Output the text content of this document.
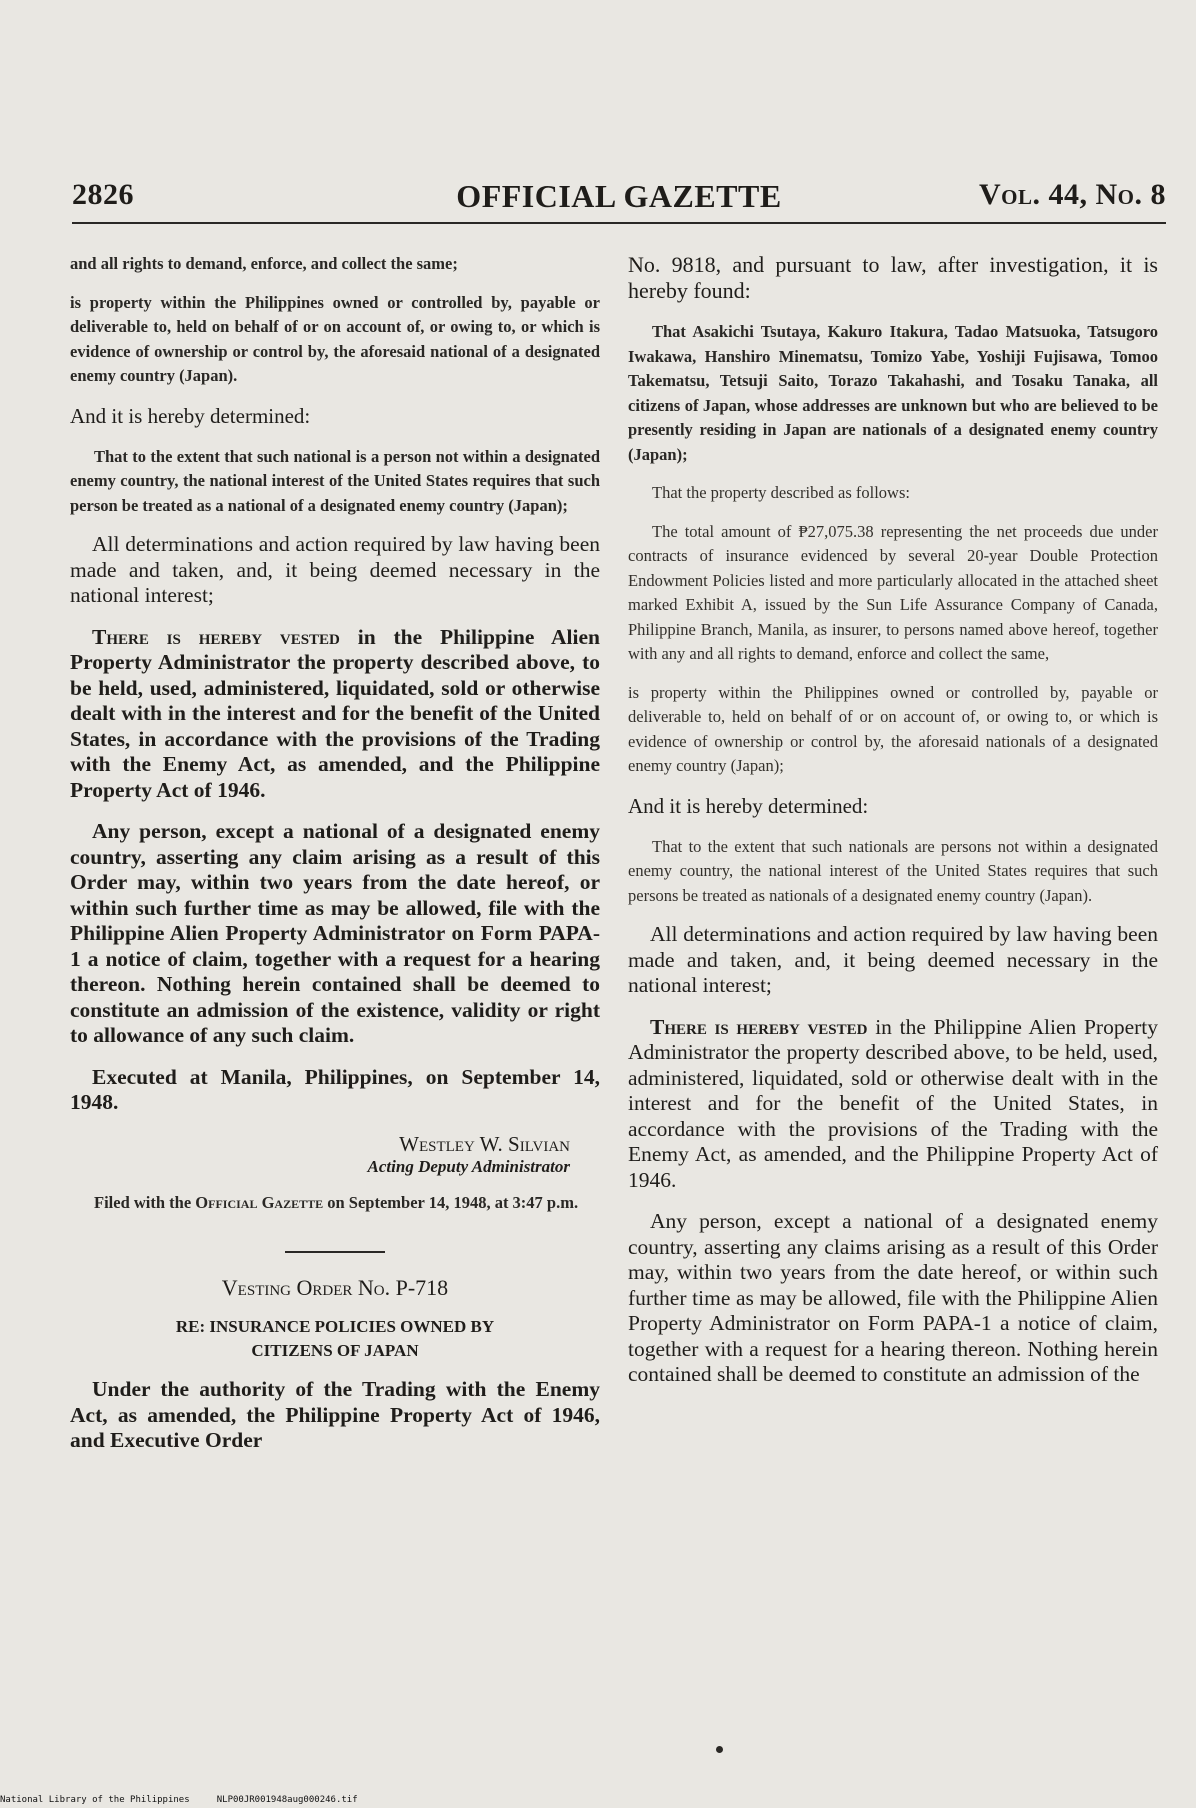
2826	OFFICIAL GAZETTE	Vol. 44, No. 8

and all rights to demand, enforce, and collect the same;

is property within the Philippines owned or controlled by, payable or deliverable to, held on behalf of or on account of, or owing to, or which is evidence of ownership or control by, the aforesaid national of a designated enemy country (Japan).

And it is hereby determined:

That to the extent that such national is a person not within a designated enemy country, the national interest of the United States requires that such person be treated as a national of a designated enemy country (Japan);

All determinations and action required by law having been made and taken, and, it being deemed necessary in the national interest;

There is hereby vested in the Philippine Alien Property Administrator the property described above, to be held, used, administered, liquidated, sold or otherwise dealt with in the interest and for the benefit of the United States, in accordance with the provisions of the Trading with the Enemy Act, as amended, and the Philippine Property Act of 1946.

Any person, except a national of a designated enemy country, asserting any claim arising as a result of this Order may, within two years from the date hereof, or within such further time as may be allowed, file with the Philippine Alien Property Administrator on Form PAPA-1 a notice of claim, together with a request for a hearing thereon. Nothing herein contained shall be deemed to constitute an admission of the existence, validity or right to allowance of any such claim.

Executed at Manila, Philippines, on September 14, 1948.

Westley W. Silvian
Acting Deputy Administrator

Filed with the Official Gazette on September 14, 1948, at 3:47 p.m.

Vesting Order No. P-718
RE: INSURANCE POLICIES OWNED BY
CITIZENS OF JAPAN

Under the authority of the Trading with the Enemy Act, as amended, the Philippine Property Act of 1946, and Executive Order

No. 9818, and pursuant to law, after investigation, it is hereby found:

That Asakichi Tsutaya, Kakuro Itakura, Tadao Matsuoka, Tatsugoro Iwakawa, Hanshiro Minematsu, Tomizo Yabe, Yoshiji Fujisawa, Tomoo Takematsu, Tetsuji Saito, Torazo Takahashi, and Tosaku Tanaka, all citizens of Japan, whose addresses are unknown but who are believed to be presently residing in Japan are nationals of a designated enemy country (Japan);

That the property described as follows:

The total amount of ₱27,075.38 representing the net proceeds due under contracts of insurance evidenced by several 20-year Double Protection Endowment Policies listed and more particularly allocated in the attached sheet marked Exhibit A, issued by the Sun Life Assurance Company of Canada, Philippine Branch, Manila, as insurer, to persons named above hereof, together with any and all rights to demand, enforce and collect the same,

is property within the Philippines owned or controlled by, payable or deliverable to, held on behalf of or on account of, or owing to, or which is evidence of ownership or control by, the aforesaid nationals of a designated enemy country (Japan);

And it is hereby determined:

That to the extent that such nationals are persons not within a designated enemy country, the national interest of the United States requires that such persons be treated as nationals of a designated enemy country (Japan).

All determinations and action required by law having been made and taken, and, it being deemed necessary in the national interest;

There is hereby vested in the Philippine Alien Property Administrator the property described above, to be held, used, administered, liquidated, sold or otherwise dealt with in the interest and for the benefit of the United States, in accordance with the provisions of the Trading with the Enemy Act, as amended, and the Philippine Property Act of 1946.

Any person, except a national of a designated enemy country, asserting any claims arising as a result of this Order may, within two years from the date hereof, or within such further time as may be allowed, file with the Philippine Alien Property Administrator on Form PAPA-1 a notice of claim, together with a request for a hearing thereon. Nothing herein contained shall be deemed to constitute an admission of the

National Library of the Philippines     NLP00JR001948aug000246.tif
